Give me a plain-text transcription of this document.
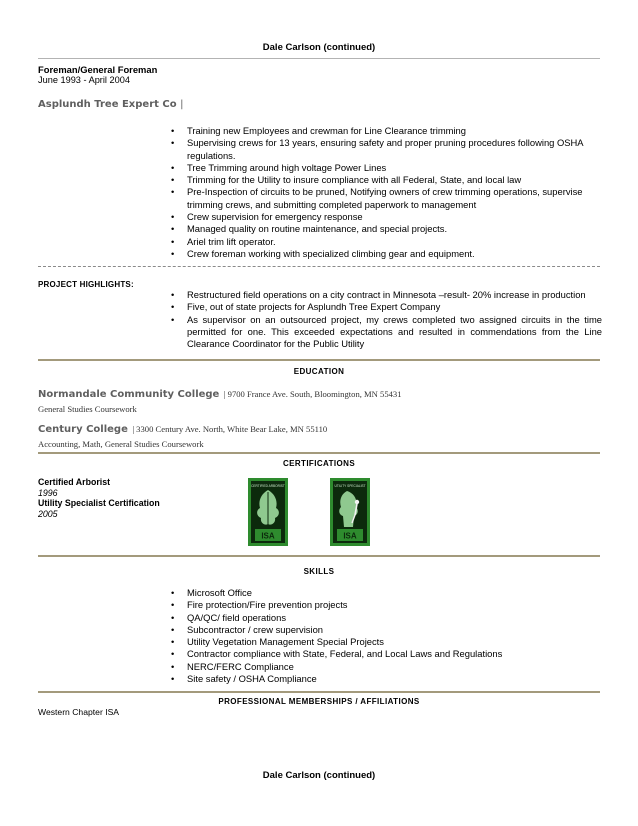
Dale Carlson (continued)
Foreman/General Foreman
June 1993 - April 2004
Asplundh Tree Expert Co |
• Training new Employees and crewman for Line Clearance trimming
• Supervising crews for 13 years, ensuring safety and proper pruning procedures following OSHA regulations.
• Tree Trimming around high voltage Power Lines
• Trimming for the Utility to insure compliance with all Federal, State, and local law
• Pre-Inspection of circuits to be pruned, Notifying owners of crew trimming operations, supervise trimming crews, and submitting completed paperwork to management
• Crew supervision for emergency response
• Managed quality on routine maintenance, and special projects.
• Ariel trim lift operator.
• Crew foreman working with specialized climbing gear and equipment.
PROJECT HIGHLIGHTS:
• Restructured field operations on a city contract in Minnesota –result- 20% increase in production
• Five, out of state projects for Asplundh Tree Expert Company
• As supervisor on an outsourced project, my crews completed two assigned circuits in the time permitted for one. This exceeded expectations and resulted in commendations from the Line Clearance Coordinator for the Public Utility
EDUCATION
Normandale Community College | 9700 France Ave. South, Bloomington, MN 55431
General Studies Coursework
Century College | 3300 Century Ave. North, White Bear Lake, MN 55110
Accounting, Math, General Studies Coursework
CERTIFICATIONS
Certified Arborist
1996
Utility Specialist Certification
2005
CERTIFIED ARBORIST
ISA
UTILITY SPECIALIST
ISA
SKILLS
• Microsoft Office
• Fire protection/Fire prevention projects
• QA/QC/ field operations
• Subcontractor / crew supervision
• Utility Vegetation Management Special Projects
• Contractor compliance with State, Federal, and Local Laws and Regulations
• NERC/FERC Compliance
• Site safety / OSHA Compliance
PROFESSIONAL MEMBERSHIPS / AFFILIATIONS
Western Chapter ISA
Dale Carlson (continued)
